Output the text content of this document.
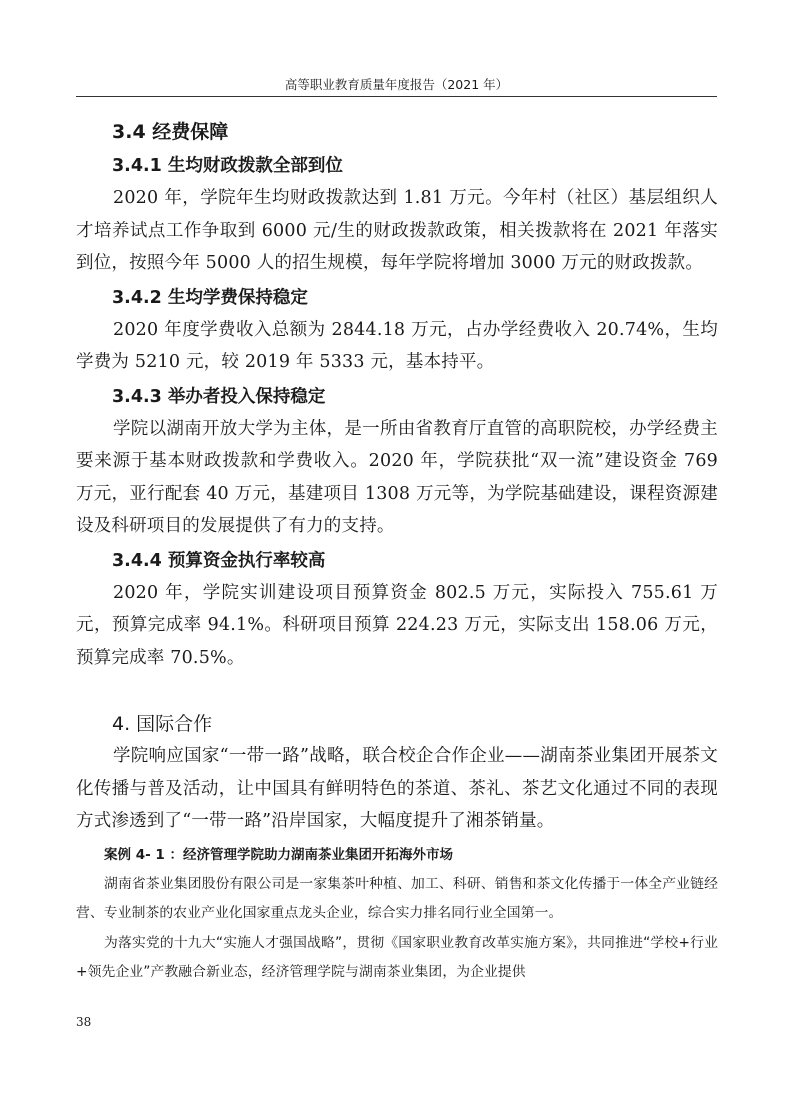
高等职业教育质量年度报告（2021 年）
3.4 经费保障
3.4.1 生均财政拨款全部到位

2020 年，学院年生均财政拨款达到 1.81 万元。今年村（社区）基层组织人才培养试点工作争取到 6000 元/生的财政拨款政策，相关拨款将在 2021 年落实到位，按照今年 5000 人的招生规模，每年学院将增加 3000 万元的财政拨款。

3.4.2 生均学费保持稳定

2020 年度学费收入总额为 2844.18 万元，占办学经费收入 20.74%，生均学费为 5210 元，较 2019 年 5333 元，基本持平。

3.4.3 举办者投入保持稳定

学院以湖南开放大学为主体，是一所由省教育厅直管的高职院校，办学经费主要来源于基本财政拨款和学费收入。2020 年，学院获批“双一流”建设资金 769 万元，亚行配套 40 万元，基建项目 1308 万元等，为学院基础建设，课程资源建设及科研项目的发展提供了有力的支持。

3.4.4 预算资金执行率较高

2020 年，学院实训建设项目预算资金 802.5 万元，实际投入 755.61 万元，预算完成率 94.1%。科研项目预算 224.23 万元，实际支出 158.06 万元，预算完成率 70.5%。

4. 国际合作

学院响应国家“一带一路”战略，联合校企合作企业——湖南茶业集团开展茶文化传播与普及活动，让中国具有鲜明特色的茶道、茶礼、茶艺文化通过不同的表现方式渗透到了“一带一路”沿岸国家，大幅度提升了湘茶销量。

案例 4- 1 ：经济管理学院助力湖南茶业集团开拓海外市场

湖南省茶业集团股份有限公司是一家集茶叶种植、加工、科研、销售和茶文化传播于一体全产业链经营、专业制茶的农业产业化国家重点龙头企业，综合实力排名同行业全国第一。

为落实党的十九大“实施人才强国战略”，贯彻《国家职业教育改革实施方案》，共同推进“学校+行业+领先企业”产教融合新业态，经济管理学院与湖南茶业集团，为企业提供

38
